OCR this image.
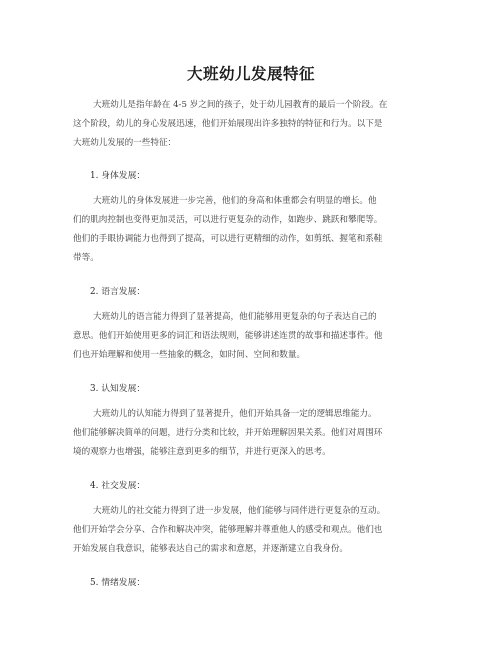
大班幼儿发展特征
大班幼儿是指年龄在 4-5 岁之间的孩子，处于幼儿园教育的最后一个阶段。在
这个阶段，幼儿的身心发展迅速，他们开始展现出许多独特的特征和行为。以下是
大班幼儿发展的一些特征：
1. 身体发展：
大班幼儿的身体发展进一步完善，他们的身高和体重都会有明显的增长。他
们的肌肉控制也变得更加灵活，可以进行更复杂的动作，如跑步、跳跃和攀爬等。
他们的手眼协调能力也得到了提高，可以进行更精细的动作，如剪纸、握笔和系鞋
带等。
2. 语言发展：
大班幼儿的语言能力得到了显著提高，他们能够用更复杂的句子表达自己的
意思。他们开始使用更多的词汇和语法规则，能够讲述连贯的故事和描述事件。他
们也开始理解和使用一些抽象的概念，如时间、空间和数量。
3. 认知发展：
大班幼儿的认知能力得到了显著提升，他们开始具备一定的逻辑思维能力。
他们能够解决简单的问题，进行分类和比较，并开始理解因果关系。他们对周围环
境的观察力也增强，能够注意到更多的细节，并进行更深入的思考。
4. 社交发展：
大班幼儿的社交能力得到了进一步发展，他们能够与同伴进行更复杂的互动。
他们开始学会分享、合作和解决冲突，能够理解并尊重他人的感受和观点。他们也
开始发展自我意识，能够表达自己的需求和意愿，并逐渐建立自我身份。
5. 情绪发展：
